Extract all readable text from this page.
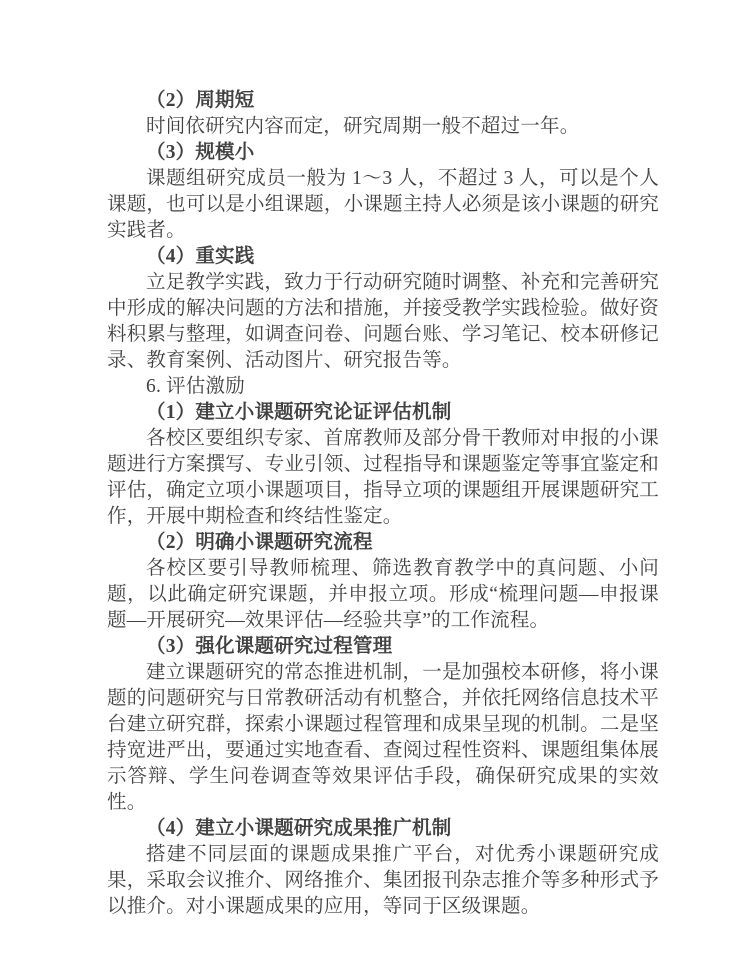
（2）周期短
时间依研究内容而定，研究周期一般不超过一年。
（3）规模小
课题组研究成员一般为 1～3 人，不超过 3 人，可以是个人课题，也可以是小组课题，小课题主持人必须是该小课题的研究实践者。
（4）重实践
立足教学实践，致力于行动研究随时调整、补充和完善研究中形成的解决问题的方法和措施，并接受教学实践检验。做好资料积累与整理，如调查问卷、问题台账、学习笔记、校本研修记录、教育案例、活动图片、研究报告等。
6. 评估激励
（1）建立小课题研究论证评估机制
各校区要组织专家、首席教师及部分骨干教师对申报的小课题进行方案撰写、专业引领、过程指导和课题鉴定等事宜鉴定和评估，确定立项小课题项目，指导立项的课题组开展课题研究工作，开展中期检查和终结性鉴定。
（2）明确小课题研究流程
各校区要引导教师梳理、筛选教育教学中的真问题、小问题，以此确定研究课题，并申报立项。形成“梳理问题—申报课题—开展研究—效果评估—经验共享”的工作流程。
（3）强化课题研究过程管理
建立课题研究的常态推进机制，一是加强校本研修，将小课题的问题研究与日常教研活动有机整合，并依托网络信息技术平台建立研究群，探索小课题过程管理和成果呈现的机制。二是坚持宽进严出，要通过实地查看、查阅过程性资料、课题组集体展示答辩、学生问卷调查等效果评估手段，确保研究成果的实效性。
（4）建立小课题研究成果推广机制
搭建不同层面的课题成果推广平台，对优秀小课题研究成果，采取会议推介、网络推介、集团报刊杂志推介等多种形式予以推介。对小课题成果的应用，等同于区级课题。
